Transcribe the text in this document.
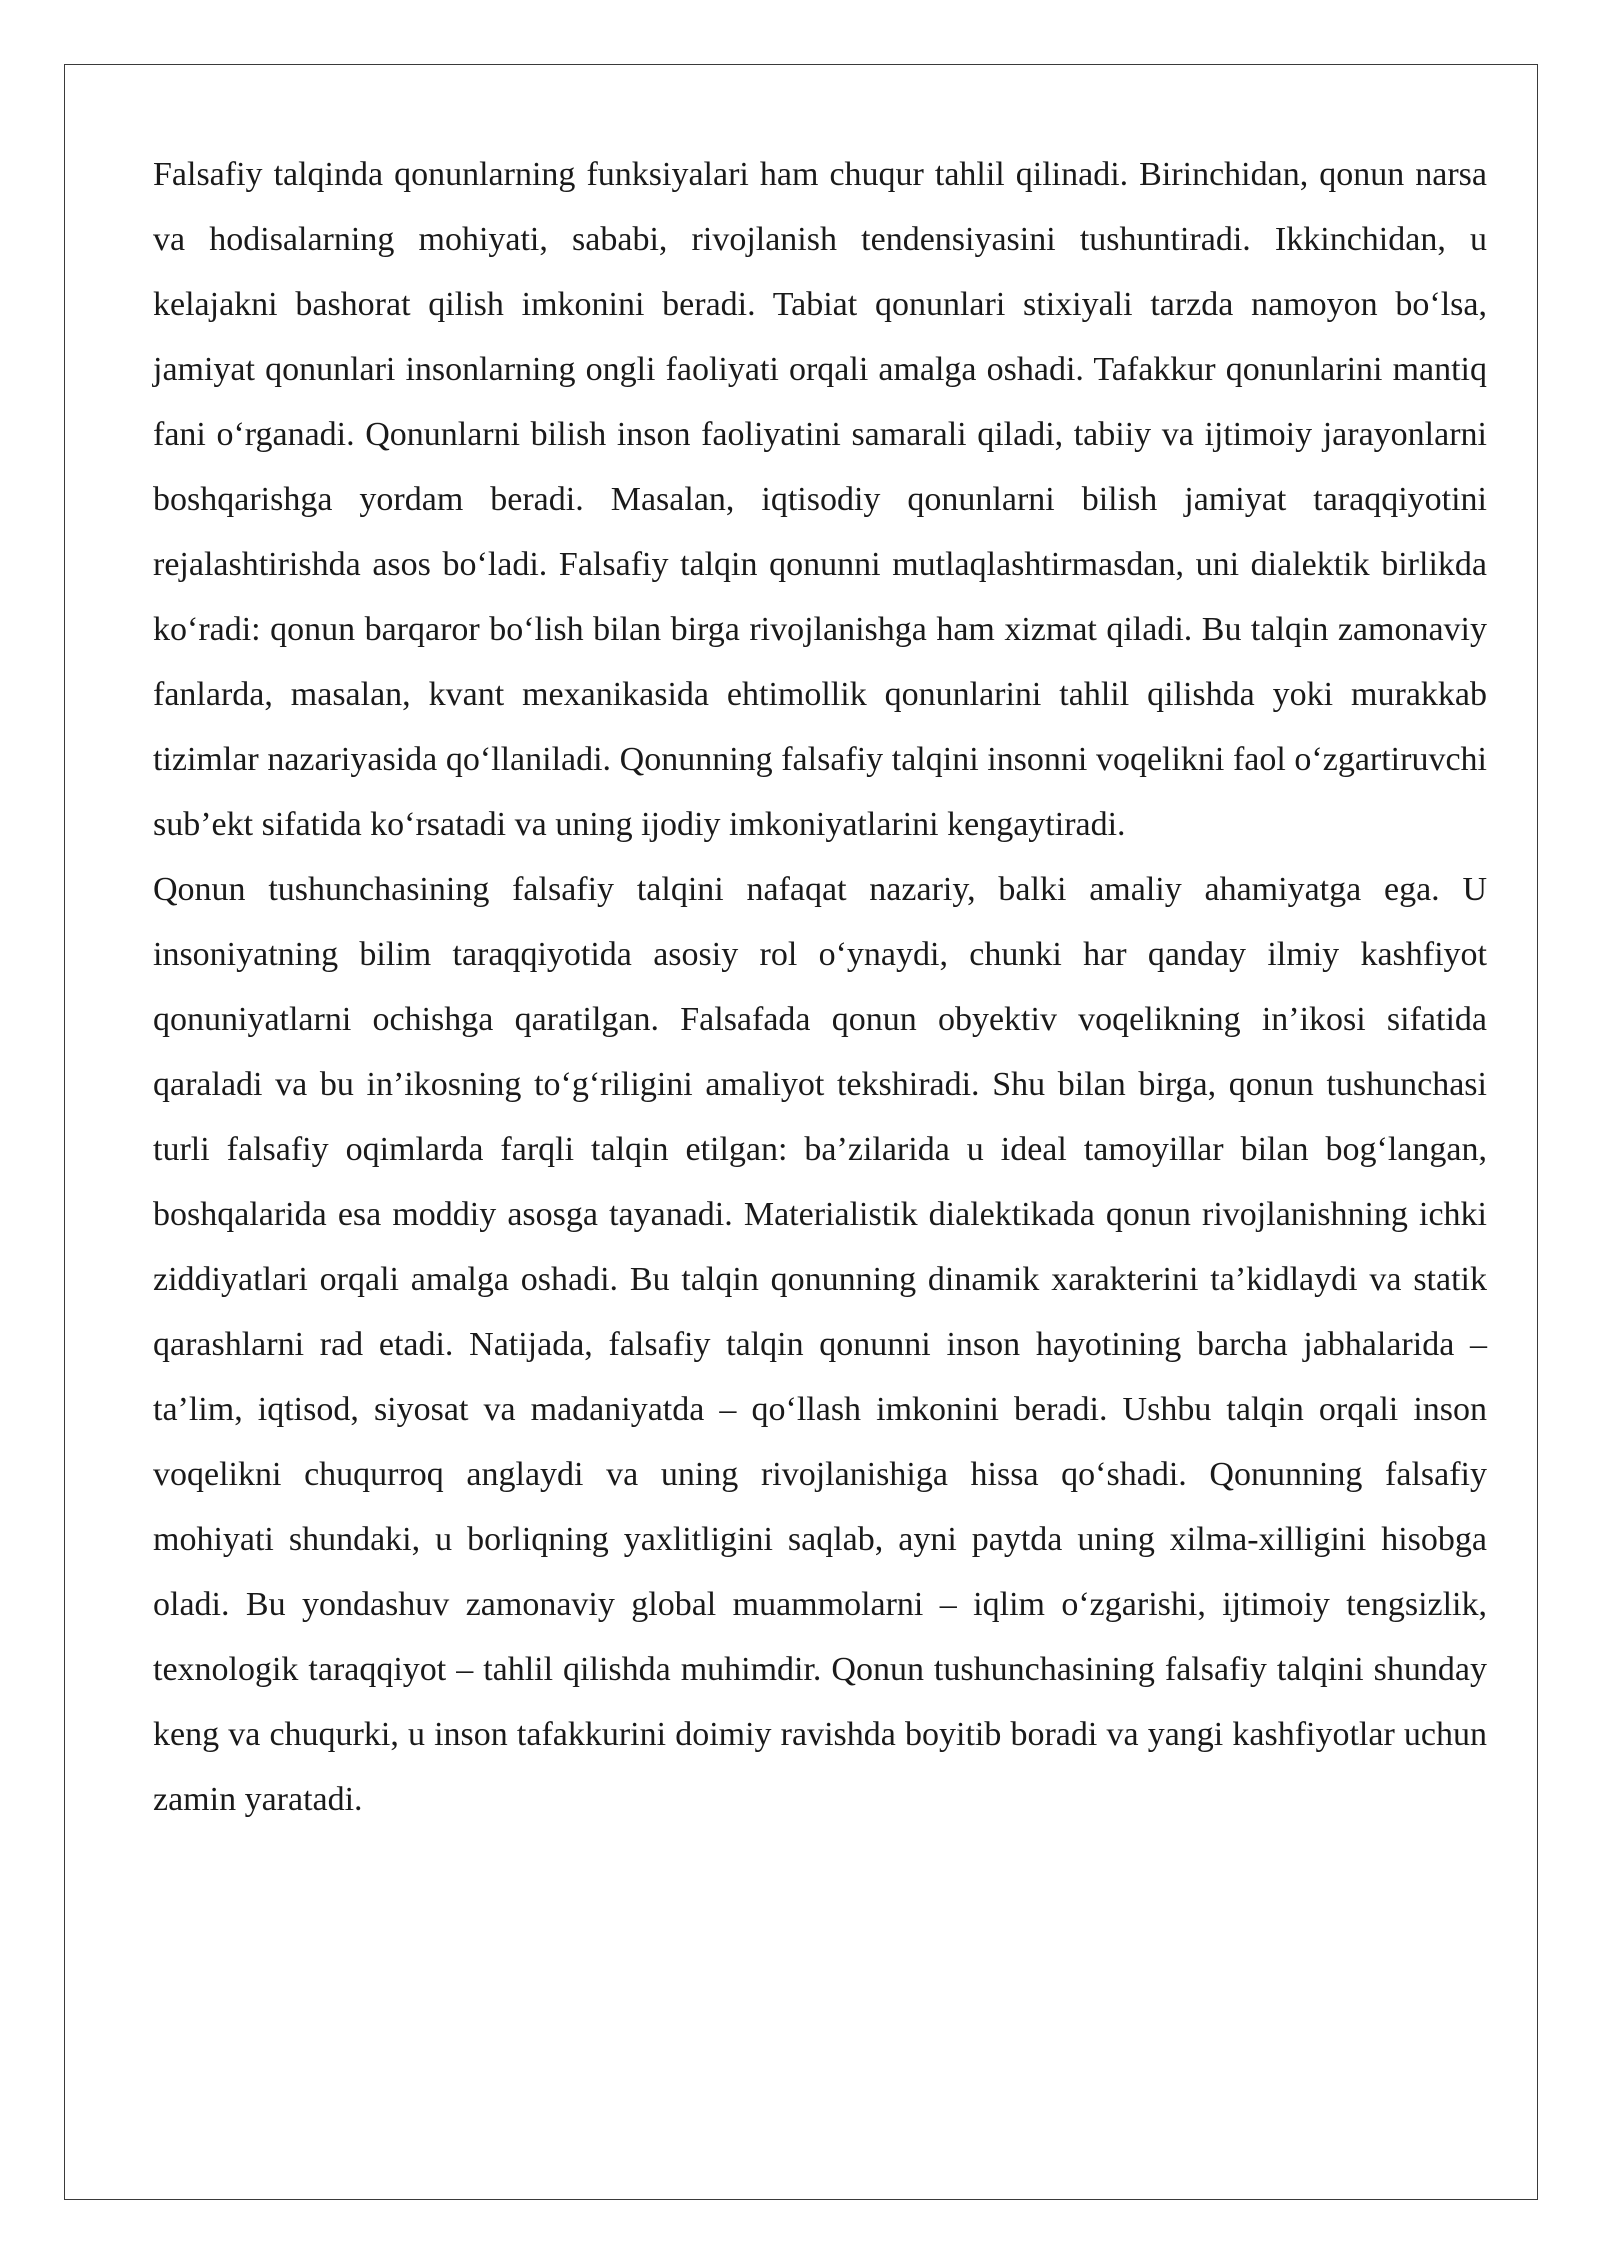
Falsafiy talqinda qonunlarning funksiyalari ham chuqur tahlil qilinadi. Birinchidan, qonun narsa va hodisalarning mohiyati, sababi, rivojlanish tendensiyasini tushuntiradi. Ikkinchidan, u kelajakni bashorat qilish imkonini beradi. Tabiat qonunlari stixiyali tarzda namoyon bo‘lsa, jamiyat qonunlari insonlarning ongli faoliyati orqali amalga oshadi. Tafakkur qonunlarini mantiq fani o‘rganadi. Qonunlarni bilish inson faoliyatini samarali qiladi, tabiiy va ijtimoiy jarayonlarni boshqarishga yordam beradi. Masalan, iqtisodiy qonunlarni bilish jamiyat taraqqiyotini rejalashtirishda asos bo‘ladi. Falsafiy talqin qonunni mutlaqlashtirmasdan, uni dialektik birlikda ko‘radi: qonun barqaror bo‘lish bilan birga rivojlanishga ham xizmat qiladi. Bu talqin zamonaviy fanlarda, masalan, kvant mexanikasida ehtimollik qonunlarini tahlil qilishda yoki murakkab tizimlar nazariyasida qo‘llaniladi. Qonunning falsafiy talqini insonni voqelikni faol o‘zgartiruvchi sub’ekt sifatida ko‘rsatadi va uning ijodiy imkoniyatlarini kengaytiradi.

Qonun tushunchasining falsafiy talqini nafaqat nazariy, balki amaliy ahamiyatga ega. U insoniyatning bilim taraqqiyotida asosiy rol o‘ynaydi, chunki har qanday ilmiy kashfiyot qonuniyatlarni ochishga qaratilgan. Falsafada qonun obyektiv voqelikning in’ikosi sifatida qaraladi va bu in’ikosning to‘g‘riligini amaliyot tekshiradi. Shu bilan birga, qonun tushunchasi turli falsafiy oqimlarda farqli talqin etilgan: ba’zilarida u ideal tamoyillar bilan bog‘langan, boshqalarida esa moddiy asosga tayanadi. Materialistik dialektikada qonun rivojlanishning ichki ziddiyatlari orqali amalga oshadi. Bu talqin qonunning dinamik xarakterini ta’kidlaydi va statik qarashlarni rad etadi. Natijada, falsafiy talqin qonunni inson hayotining barcha jabhalarida – ta’lim, iqtisod, siyosat va madaniyatda – qo‘llash imkonini beradi. Ushbu talqin orqali inson voqelikni chuqurroq anglaydi va uning rivojlanishiga hissa qo‘shadi. Qonunning falsafiy mohiyati shundaki, u borliqning yaxlitligini saqlab, ayni paytda uning xilma-xilligini hisobga oladi. Bu yondashuv zamonaviy global muammolarni – iqlim o‘zgarishi, ijtimoiy tengsizlik, texnologik taraqqiyot – tahlil qilishda muhimdir. Qonun tushunchasining falsafiy talqini shunday keng va chuqurki, u inson tafakkurini doimiy ravishda boyitib boradi va yangi kashfiyotlar uchun zamin yaratadi.
